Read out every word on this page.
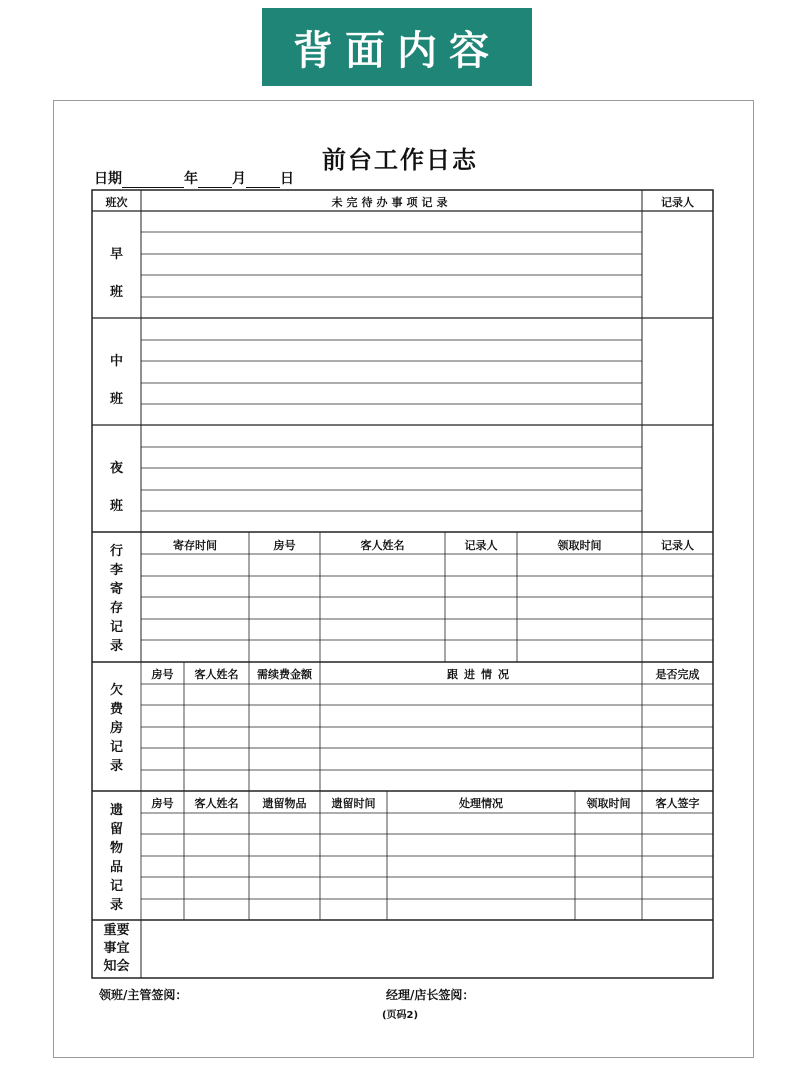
背面内容
前台工作日志
日期	年 月 日
班次	未完待办事项记录	记录人
早
班
中
班
夜
班
行
李
寄
存
记
录
寄存时间	房号	客人姓名	记录人	领取时间	记录人
欠
费
房
记
录
房号	客人姓名	需续费金额	跟进情况	是否完成
遗
留
物
品
记
录
房号	客人姓名	遗留物品	遗留时间	处理情况	领取时间	客人签字
重要
事宜
知会
领班/主管签阅：	经理/店长签阅：
(页码2)
